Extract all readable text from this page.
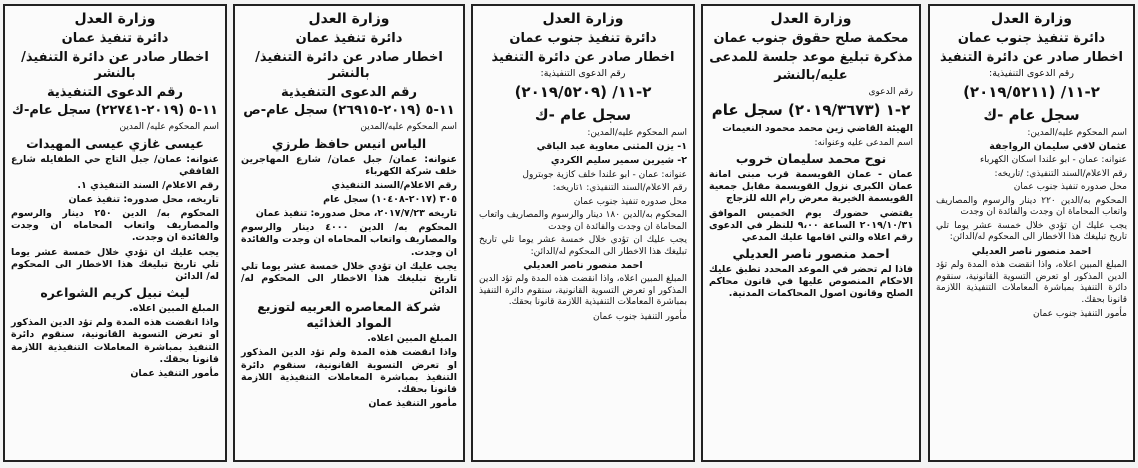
وزارة العدل
دائرة تنفيذ جنوب عمان
اخطار صادر عن دائرة التنفيذ
رقم الدعوى التنفيذية:
٢-١١/ (٢٠١٩/٥٢١١)
سجل عام -ك
اسم المحكوم عليه/المدين:
عثمان لافي سليمان الرواجفة
عنوانه: عمان - ابو علندا اسكان الكهرباء
رقم الاعلام/السند التنفيذي: /تاريخه:
محل صدوره تنفيذ جنوب عمان
المحكوم به/الدين ٢٢٠ دينار والرسوم والمصاريف واتعاب المحاماة ان وجدت والفائدة ان وجدت
يجب عليك ان تؤدي خلال خمسة عشر يوما تلي تاريخ تبليغك هذا الاخطار الى المحكوم له/الدائن:
احمد منصور ناصر العديلي
المبلغ المبين اعلاه، واذا انقضت هذه المدة ولم تؤد الدين المذكور او تعرض التسوية القانونية، سنقوم دائرة التنفيذ بمباشرة المعاملات التنفيذية اللازمة قانونا بحقك.
مأمور التنفيذ جنوب عمان
وزارة العدل
محكمة صلح حقوق جنوب عمان
مذكرة تبليغ موعد جلسة للمدعى
عليه/بالنشر
رقم الدعوى
٢-١ (٢٠١٩/٣٦٧٣) سجل عام
الهيئة القاضي زين محمد محمود النعيمات
اسم المدعى عليه وعنوانه:
نوح محمد سليمان خروب
عمان - عمان القويسمة قرب مبنى امانة عمان الكبرى نزول القويسمة مقابل جمعية القويسمة الخيرية معرض رام الله للزجاج
يقتضي حضورك يوم الخميس الموافق ٢٠١٩/١٠/٣١ الساعة ٩،٠٠ للنظر في الدعوى رقم اعلاه والتي اقامها عليك المدعي
احمد منصور ناصر العديلي
فاذا لم تحضر في الموعد المحدد تطبق عليك الاحكام المنصوص عليها في قانون محاكم الصلح وقانون اصول المحاكمات المدنية.
وزارة العدل
دائرة تنفيذ جنوب عمان
اخطار صادر عن دائرة التنفيذ
رقم الدعوى التنفيذية:
٢-١١/ (٢٠١٩/٥٢٠٩)
سجل عام -ك
اسم المحكوم عليه/المدين:
١- يزن المثنى معاوية عبد الباقي
٢- شيرين سمير سليم الكردي
عنوانه: عمان - ابو علندا خلف كازية جوبترول
رقم الاعلام/السند التنفيذي: ١تاريخه:
محل صدوره تنفيذ جنوب عمان
المحكوم به/الدين ١٨٠ دينار والرسوم والمصاريف واتعاب المحاماة ان وجدت والفائدة ان وجدت
يجب عليك ان تؤدي خلال خمسة عشر يوما تلي تاريخ تبليغك هذا الاخطار الى المحكوم له/الدائن:
احمد منصور ناصر العديلي
المبلغ المبين اعلاه، واذا انقضت هذه المدة ولم تؤد الدين المذكور او تعرض التسوية القانونية، سنقوم دائرة التنفيذ بمباشرة المعاملات التنفيذية اللازمة قانونا بحقك.
مأمور التنفيذ جنوب عمان
وزارة العدل
دائرة تنفيذ عمان
اخطار صادر عن دائرة التنفيذ/بالنشر
رقم الدعوى التنفيذية
١١-٥ (٢٠١٩-٢٦٩١٥) سجل عام-ص
اسم المحكوم عليه/المدين
الياس انيس حافظ طرزي
عنوانه: عمان/ جبل عمان/ شارع المهاجرين خلف شركة الكهرباء
رقم الاعلام/السند التنفيذي
٣٠٥ (٢٠١٧-١٠٤٠٨) سجل عام
تاريخه ٢٠١٧/٧/٢٣، محل صدوره: تنفيذ عمان
المحكوم به/ الدين ٤٠٠٠ دينار والرسوم والمصاريف واتعاب المحاماه ان وجدت والفائدة ان وجدت.
يجب عليك ان تؤدي خلال خمسة عشر يوما تلي تاريخ تبليغك هذا الاخطار الى المحكوم له/ الدائن
شركة المعاصره العربيه لتوزيع المواد الغذائيه
المبلغ المبين اعلاه.
واذا انقضت هذه المدة ولم تؤد الدين المذكور او تعرض التسوية القانونية، سنقوم دائرة التنفيذ بمباشرة المعاملات التنفيذية اللازمة قانونا بحقك.
مأمور التنفيذ عمان
وزارة العدل
دائرة تنفيذ عمان
اخطار صادر عن دائرة التنفيذ/بالنشر
رقم الدعوى التنفيذية
١١-٥ (٢٠١٩-٢٢٧٤١) سجل عام-ك
اسم المحكوم عليه/ المدين
عيسى غازي عيسى المهيدات
عنوانه: عمان/ جبل التاج حي الطفايله شارع الفافقي
رقم الاعلام/ السند التنفيذي ١.
تاريخه، محل صدوره: تنفيذ عمان
المحكوم به/ الدين ٢٥٠ دينار والرسوم والمصاريف واتعاب المحاماه ان وجدت والفائدة ان وجدت.
يجب عليك ان تؤدي خلال خمسة عشر يوما تلي تاريخ تبليغك هذا الاخطار الى المحكوم له/ الدائن
ليث نبيل كريم الشواعره
المبلغ المبين اعلاه.
واذا انقضت هذه المدة ولم تؤد الدين المذكور او تعرض التسوية القانونية، سنقوم دائرة التنفيذ بمباشرة المعاملات التنفيذية اللازمة قانونا بحقك.
مأمور التنفيذ عمان
